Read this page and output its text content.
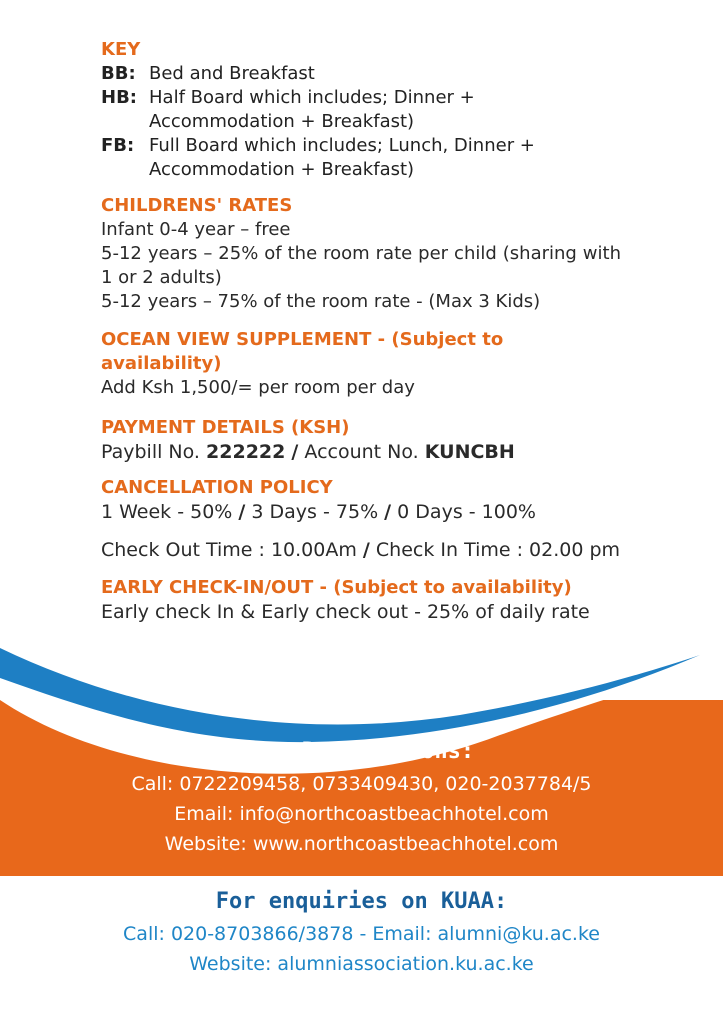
KEY
BB: Bed and Breakfast
HB: Half Board which includes; Dinner + Accommodation + Breakfast)
FB: Full Board which includes; Lunch, Dinner + Accommodation + Breakfast)
CHILDRENS' RATES
Infant 0-4 year – free
5-12 years – 25% of the room rate per child (sharing with 1 or 2 adults)
5-12 years – 75% of the room rate - (Max 3 Kids)
OCEAN VIEW SUPPLEMENT - (Subject to availability)
Add Ksh 1,500/= per room per day
PAYMENT DETAILS (KSH)
Paybill No. 222222 / Account No. KUNCBH
CANCELLATION POLICY
1 Week - 50% / 3 Days - 75% / 0 Days - 100%
Check Out Time : 10.00Am / Check In Time : 02.00 pm
EARLY CHECK-IN/OUT - (Subject to availability)
Early check In & Early check out - 25% of daily rate
For Reservations:
Call: 0722209458, 0733409430, 020-2037784/5
Email: info@northcoastbeachhotel.com
Website: www.northcoastbeachhotel.com
For enquiries on KUAA:
Call: 020-8703866/3878 - Email: alumni@ku.ac.ke
Website: alumniassociation.ku.ac.ke
